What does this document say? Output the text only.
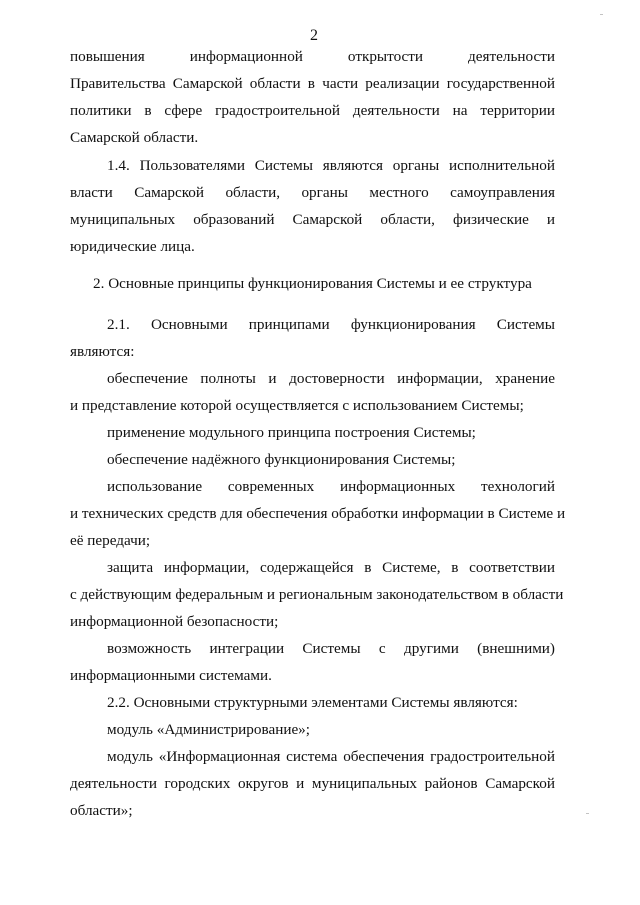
2
повышения информационной открытости деятельности
Правительства Самарской области в части реализации государственной
политики в сфере градостроительной деятельности на территории
Самарской области.
1.4. Пользователями Системы являются органы исполнительной
власти Самарской области, органы местного самоуправления
муниципальных образований Самарской области, физические и
юридические лица.
2. Основные принципы функционирования Системы и ее структура
2.1. Основными принципами функционирования Системы
являются:
обеспечение полноты и достоверности информации, хранение
и представление которой осуществляется с использованием Системы;
применение модульного принципа построения Системы;
обеспечение надёжного функционирования Системы;
использование современных информационных технологий
и технических средств для обеспечения обработки информации в Системе и
её передачи;
защита информации, содержащейся в Системе, в соответствии
с действующим федеральным и региональным законодательством в области
информационной безопасности;
возможность интеграции Системы с другими (внешними)
информационными системами.
2.2. Основными структурными элементами Системы являются:
модуль «Администрирование»;
модуль «Информационная система обеспечения градостроительной
деятельности городских округов и муниципальных районов Самарской
области»;
